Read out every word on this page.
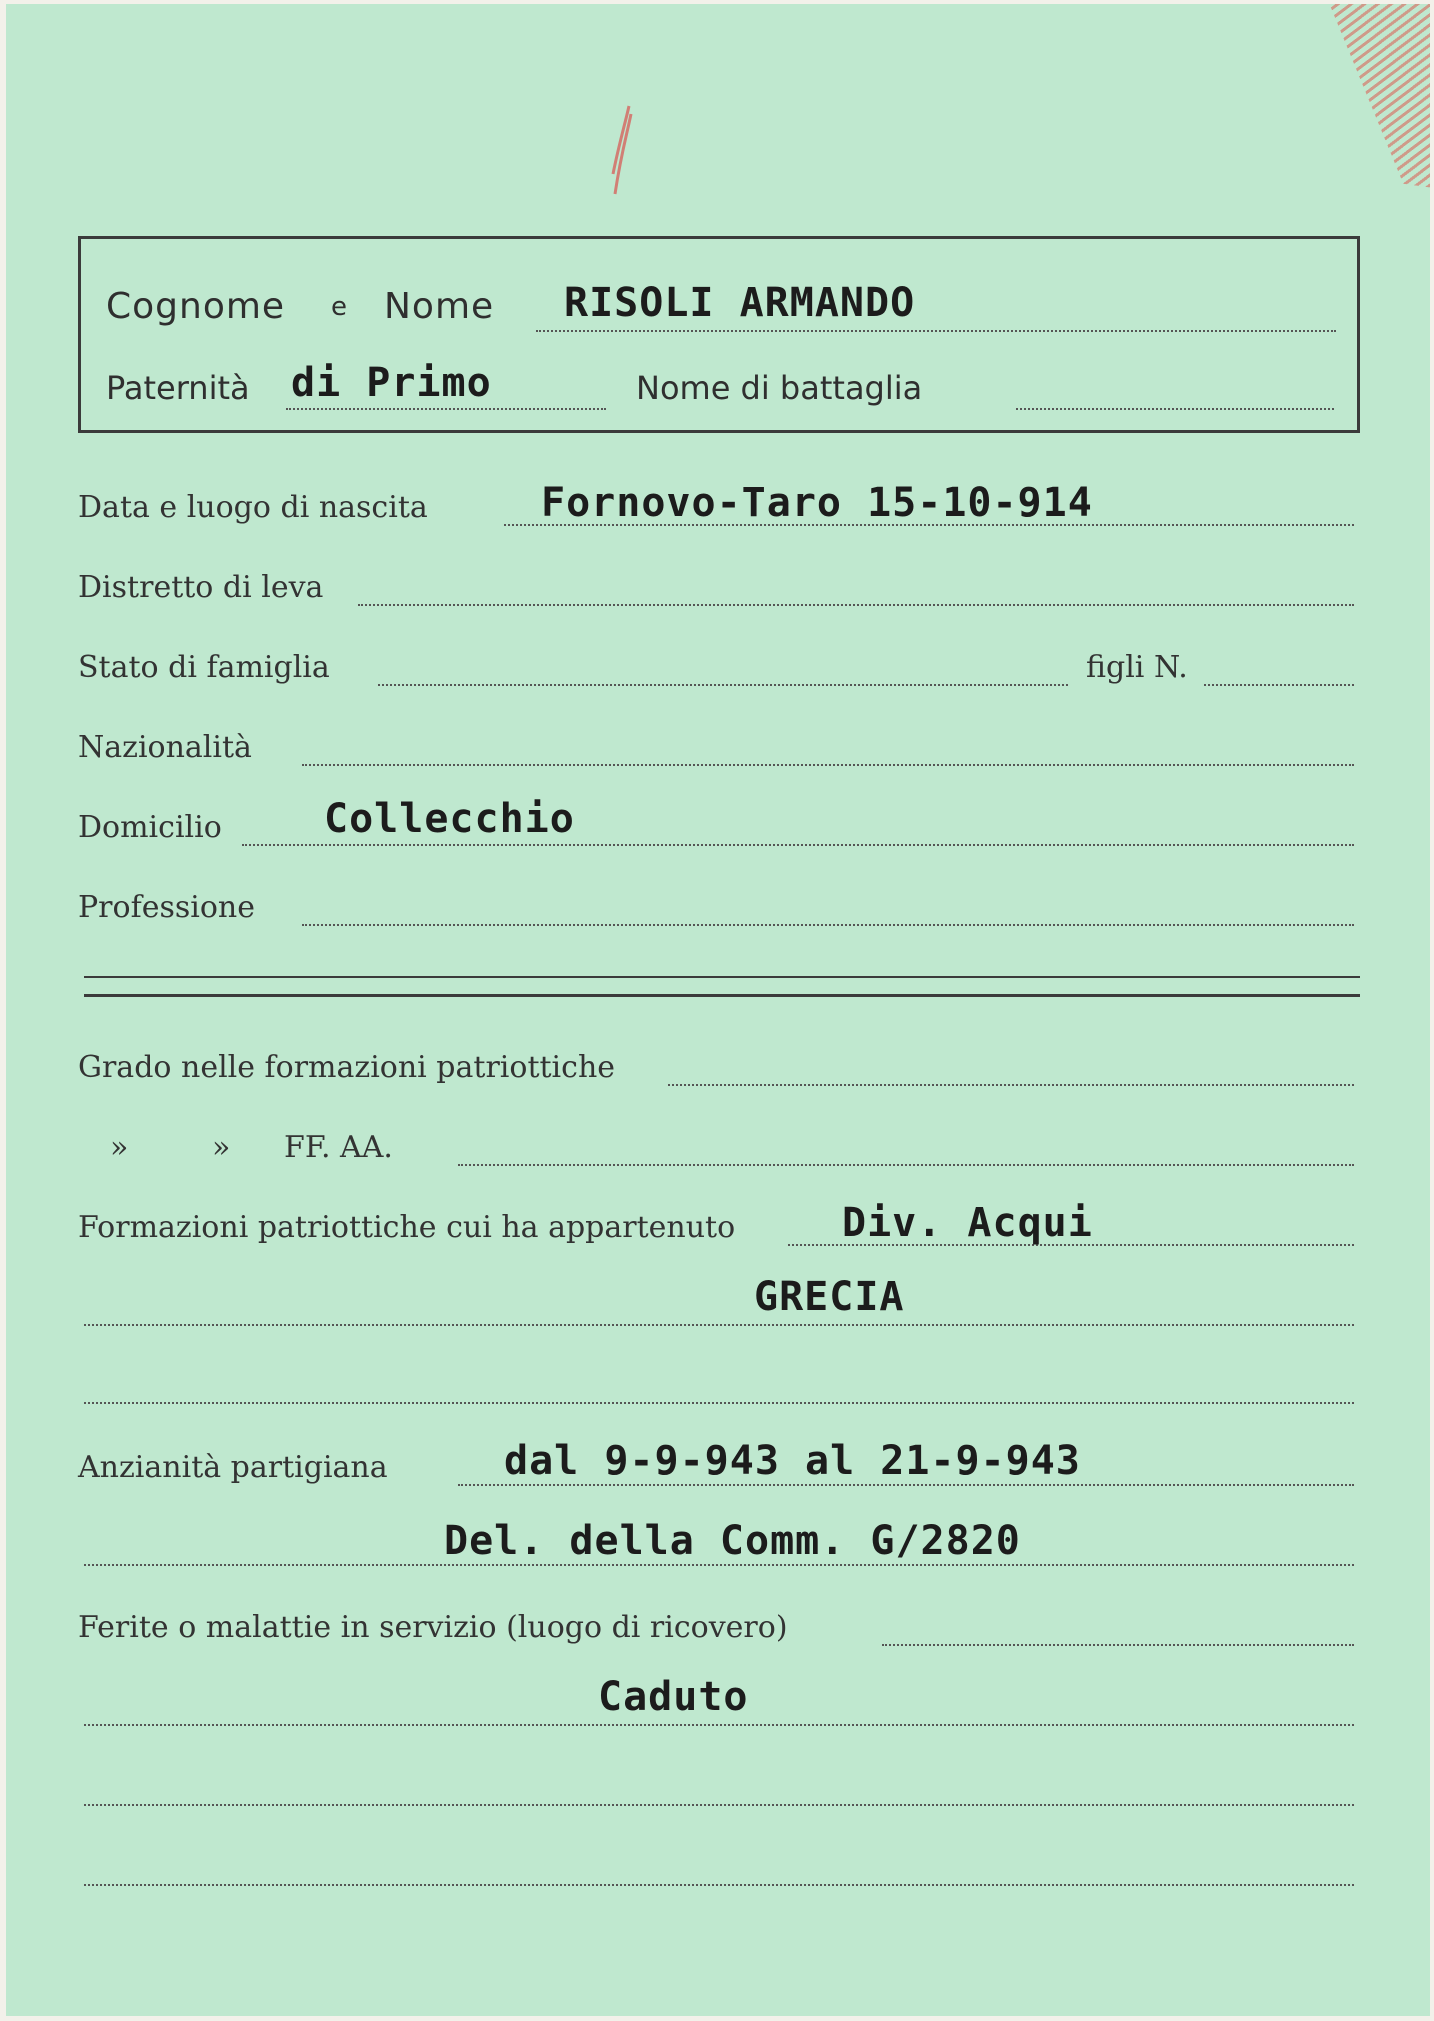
Cognome e Nome RISOLI ARMANDO
Paternità di Primo	Nome di battaglia
Data e luogo di nascita	Fornovo-Taro 15-10-914
Distretto di leva
Stato di famiglia	figli N.
Nazionalità
Domicilio	Collecchio
Professione
Grado nelle formazioni patriottiche
»	» FF. AA.
Formazioni patriottiche cui ha appartenuto	Div. Acqui
GRECIA
Anzianità partigiana	dal 9-9-943 al 21-9-943
Del. della Comm. G/2820
Ferite o malattie in servizio (luogo di ricovero)
Caduto
